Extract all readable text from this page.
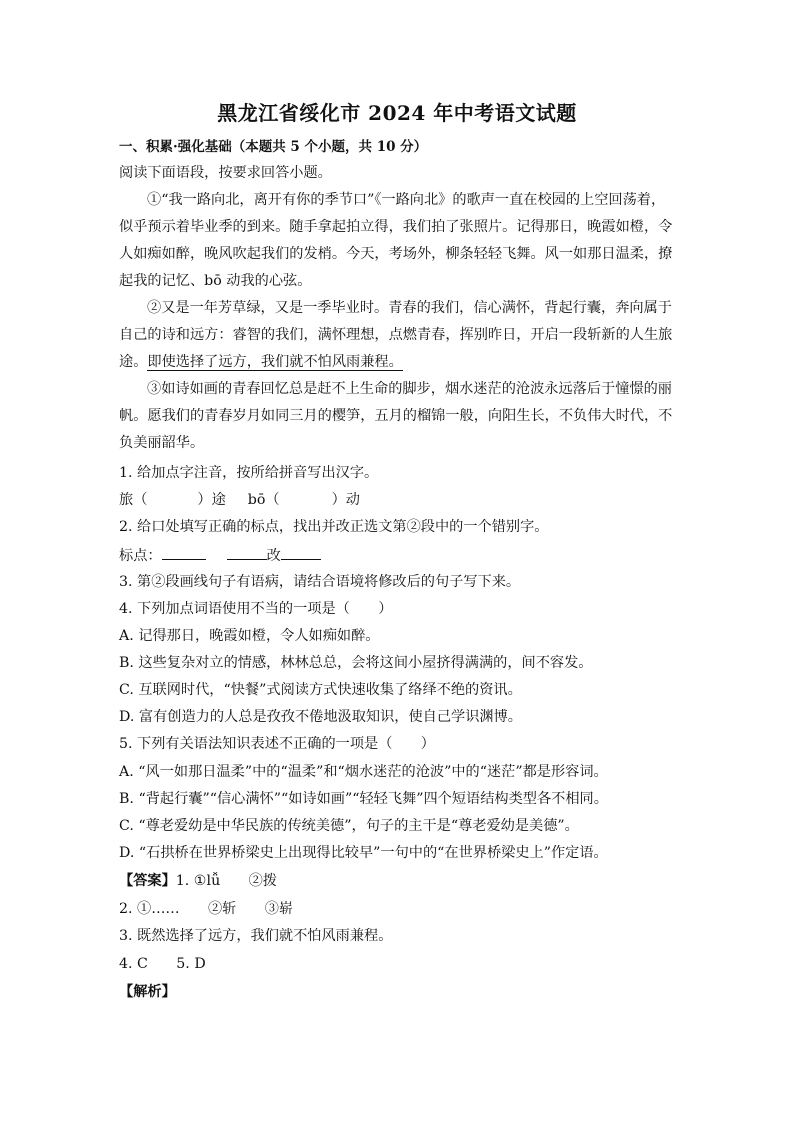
黑龙江省绥化市 2024 年中考语文试题
一、积累·强化基础（本题共 5 个小题，共 10 分）
阅读下面语段，按要求回答小题。
①“我一路向北，离开有你的季节口”《一路向北》的歌声一直在校园的上空回荡着，
似乎预示着毕业季的到来。随手拿起拍立得，我们拍了张照片。记得那日，晚霞如橙，令
人如痴如醉，晚风吹起我们的发梢。今天，考场外，柳条轻轻飞舞。风一如那日温柔，撩
起我的记忆、bō 动我的心弦。
②又是一年芳草绿，又是一季毕业时。青春的我们，信心满怀，背起行囊，奔向属于
自己的诗和远方：睿智的我们，满怀理想，点燃青春，挥别昨日，开启一段斩新的人生旅
途。即使选择了远方，我们就不怕风雨兼程。
③如诗如画的青春回忆总是赶不上生命的脚步，烟水迷茫的沧波永远落后于憧憬的丽
帆。愿我们的青春岁月如同三月的樱笋，五月的榴锦一般，向阳生长，不负伟大时代，不
负美丽韶华。
1. 给加点字注音，按所给拼音写出汉字。
旅（	）途 bō（	）动
2. 给口处填写正确的标点，找出并改正选文第②段中的一个错别字。
标点：	改
3. 第②段画线句子有语病，请结合语境将修改后的句子写下来。
4. 下列加点词语使用不当的一项是（　　）
A. 记得那日，晚霞如橙，令人如痴如醉。
B. 这些复杂对立的情感，林林总总，会将这间小屋挤得满满的，间不容发。
C. 互联网时代，“快餐”式阅读方式快速收集了络绎不绝的资讯。
D. 富有创造力的人总是孜孜不倦地汲取知识，使自己学识渊博。
5. 下列有关语法知识表述不正确的一项是（　　）
A. “风一如那日温柔”中的“温柔”和“烟水迷茫的沧波”中的“迷茫”都是形容词。
B. “背起行囊”“信心满怀”“如诗如画”“轻轻飞舞”四个短语结构类型各不相同。
C. “尊老爱幼是中华民族的传统美德”，句子的主干是“尊老爱幼是美德”。
D. “石拱桥在世界桥梁史上出现得比较早”一句中的“在世界桥梁史上”作定语。
【答案】1. ①lǚ　　②拨
2. ①……　　②斩　　③崭
3. 既然选择了远方，我们就不怕风雨兼程。
4. C　　5. D
【解析】
